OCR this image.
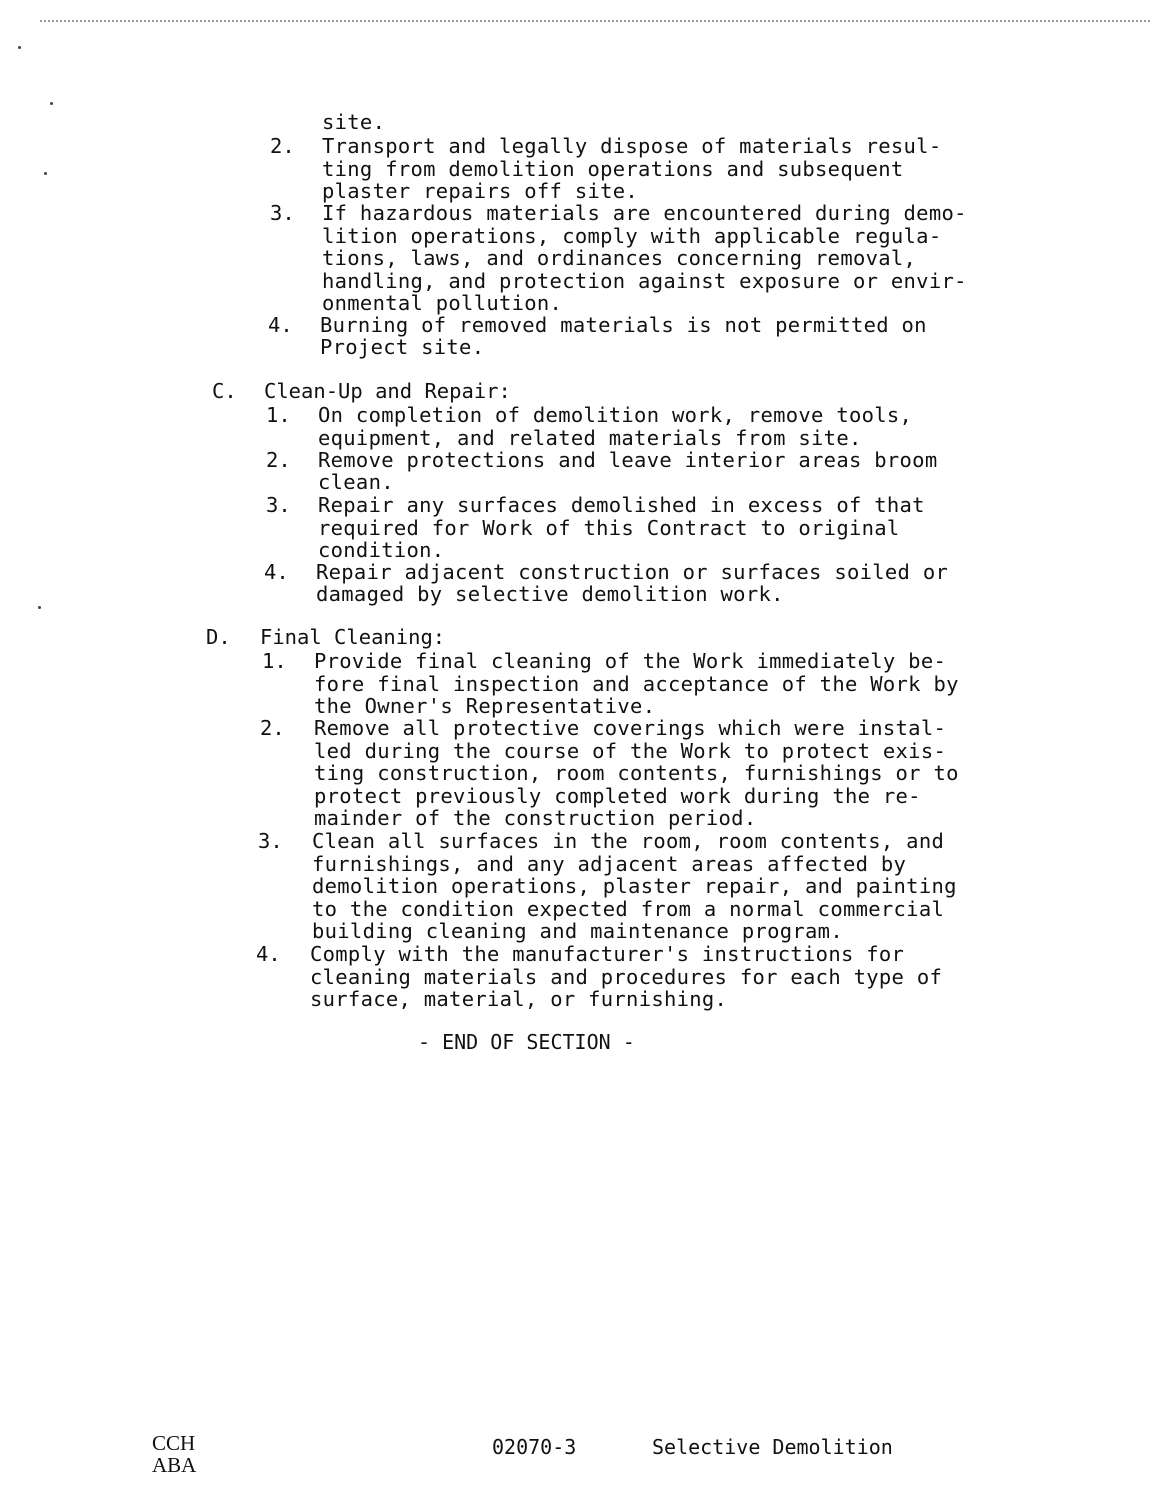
site.
2. Transport and legally dispose of materials resul-
ting from demolition operations and subsequent
plaster repairs off site.
3. If hazardous materials are encountered during demo-
lition operations, comply with applicable regula-
tions, laws, and ordinances concerning removal,
handling, and protection against exposure or envir-
onmental pollution.
4. Burning of removed materials is not permitted on
Project site.
C. Clean-Up and Repair:
1. On completion of demolition work, remove tools,
equipment, and related materials from site.
2. Remove protections and leave interior areas broom
clean.
3. Repair any surfaces demolished in excess of that
required for Work of this Contract to original
condition.
4. Repair adjacent construction or surfaces soiled or
damaged by selective demolition work.
D. Final Cleaning:
1. Provide final cleaning of the Work immediately be-
fore final inspection and acceptance of the Work by
the Owner's Representative.
2. Remove all protective coverings which were instal-
led during the course of the Work to protect exis-
ting construction, room contents, furnishings or to
protect previously completed work during the re-
mainder of the construction period.
3. Clean all surfaces in the room, room contents, and
furnishings, and any adjacent areas affected by
demolition operations, plaster repair, and painting
to the condition expected from a normal commercial
building cleaning and maintenance program.
4. Comply with the manufacturer's instructions for
cleaning materials and procedures for each type of
surface, material, or furnishing.
- END OF SECTION -
CCH
ABA
02070-3	Selective Demolition
